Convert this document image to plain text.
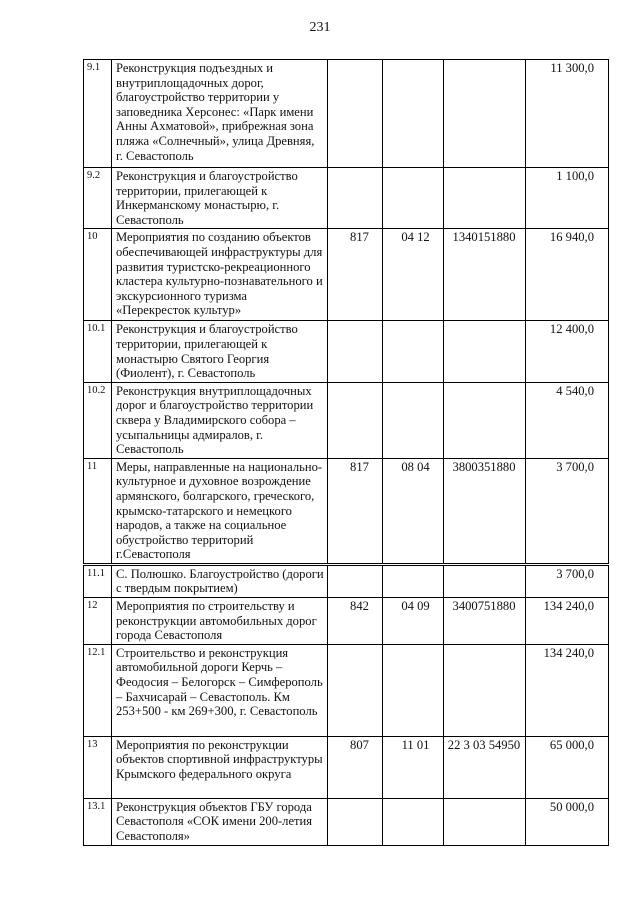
231
9.1	Реконструкция подъездных и внутриплощадочных дорог, благоустройство территории у заповедника Херсонес: «Парк имени Анны Ахматовой», прибрежная зона пляжа «Солнечный», улица Древняя, г. Севастополь				11 300,0
9.2	Реконструкция и благоустройство территории, прилегающей к Инкерманскому монастырю, г. Севастополь				1 100,0
10	Мероприятия по созданию объектов обеспечивающей инфраструктуры для развития туристско-рекреационного кластера культурно-познавательного и экскурсионного туризма «Перекресток культур»	817	04 12	1340151880	16 940,0
10.1	Реконструкция и благоустройство территории, прилегающей к монастырю Святого Георгия (Фиолент), г. Севастополь				12 400,0
10.2	Реконструкция внутриплощадочных дорог и благоустройство территории сквера у Владимирского собора – усыпальницы адмиралов, г. Севастополь				4 540,0
11	Меры, направленные на национально-культурное и духовное возрождение армянского, болгарского, греческого, крымско-татарского и немецкого народов, а также на социальное обустройство территорий г.Севастополя	817	08 04	3800351880	3 700,0
11.1	С. Полюшко. Благоустройство (дороги с твердым покрытием)				3 700,0
12	Мероприятия по строительству и реконструкции автомобильных дорог города Севастополя	842	04 09	3400751880	134 240,0
12.1	Строительство и реконструкция автомобильной дороги Керчь – Феодосия – Белогорск – Симферополь – Бахчисарай – Севастополь. Км 253+500 - км 269+300, г. Севастополь				134 240,0
13	Мероприятия по реконструкции объектов спортивной инфраструктуры Крымского федерального округа	807	11 01	22 3 03 54950	65 000,0
13.1	Реконструкция объектов ГБУ города Севастополя «СОК имени 200-летия Севастополя»				50 000,0
